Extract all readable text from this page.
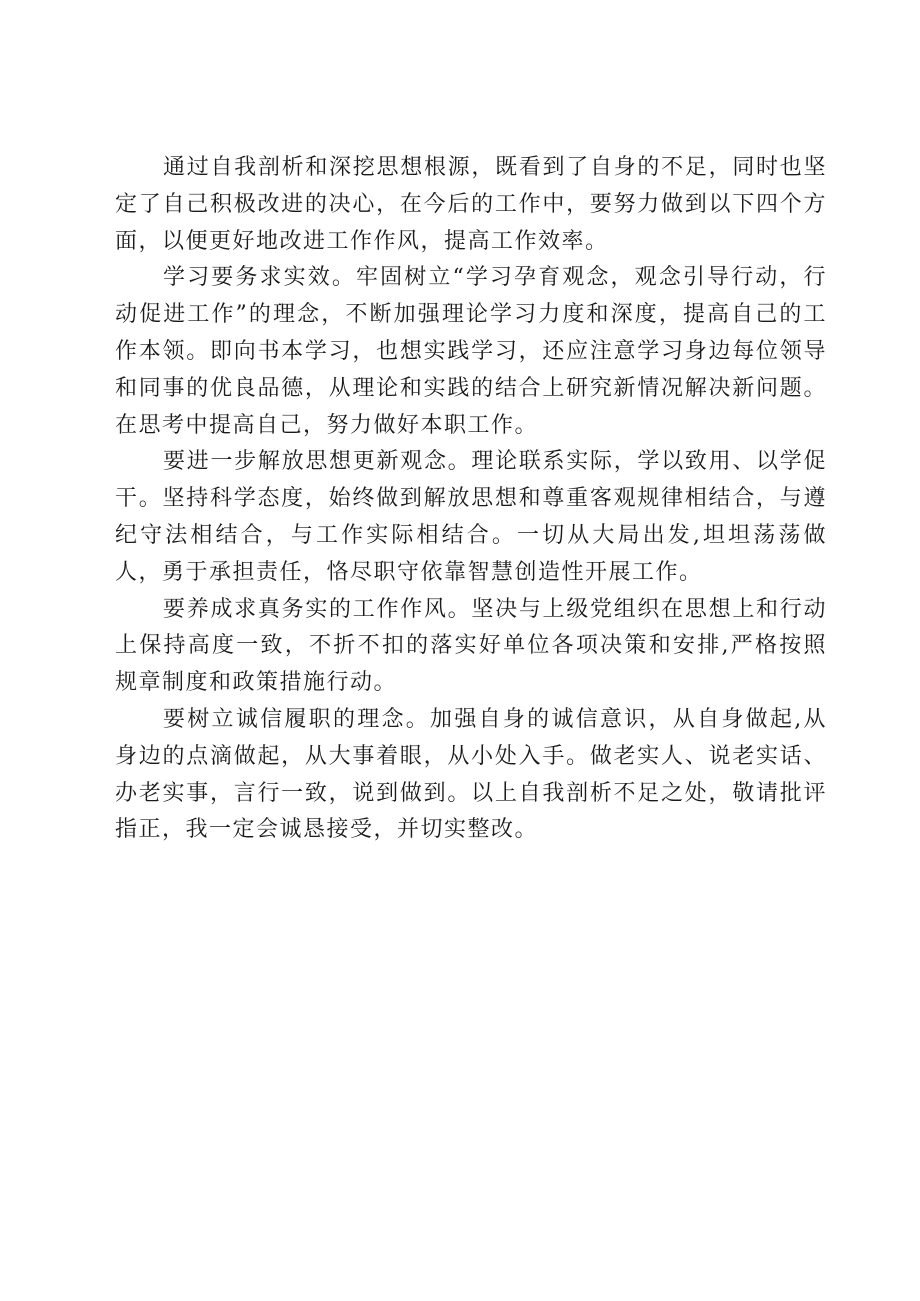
通过自我剖析和深挖思想根源，既看到了自身的不足，同时也坚定了自己积极改进的决心，在今后的工作中，要努力做到以下四个方面，以便更好地改进工作作风，提高工作效率。

学习要务求实效。牢固树立“学习孕育观念，观念引导行动，行动促进工作”的理念，不断加强理论学习力度和深度，提高自己的工作本领。即向书本学习，也想实践学习，还应注意学习身边每位领导和同事的优良品德，从理论和实践的结合上研究新情况解决新问题。在思考中提高自己，努力做好本职工作。

要进一步解放思想更新观念。理论联系实际，学以致用、以学促干。坚持科学态度，始终做到解放思想和尊重客观规律相结合，与遵纪守法相结合，与工作实际相结合。一切从大局出发,坦坦荡荡做人，勇于承担责任，恪尽职守依靠智慧创造性开展工作。

要养成求真务实的工作作风。坚决与上级党组织在思想上和行动上保持高度一致，不折不扣的落实好单位各项决策和安排,严格按照规章制度和政策措施行动。

要树立诚信履职的理念。加强自身的诚信意识，从自身做起,从身边的点滴做起，从大事着眼，从小处入手。做老实人、说老实话、办老实事，言行一致，说到做到。以上自我剖析不足之处，敬请批评指正，我一定会诚恳接受，并切实整改。
